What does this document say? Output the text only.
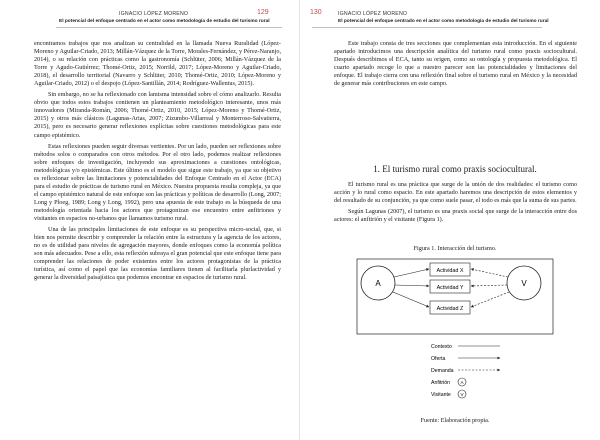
IGNACIO LÓPEZ MORENO	129
El potencial del enfoque centrado en el actor como metodología de estudio del turismo rural

encontramos trabajos que nos analizan su centralidad en la llamada Nueva Ruralidad (López-Moreno y Aguilar-Criado, 2013; Millán-Vázquez de la Torre, Morales-Fernández, y Pérez-Naranjo, 2014), o su relación con prácticas como la gastronomía (Schlüter, 2006; Millán-Vázquez de la Torre y Agudo-Gutiérrez; Thomé-Ortiz, 2015; Norrild, 2017; López-Moreno y Aguilar-Criado, 2018), el desarrollo territorial (Navarro y Schlüter, 2010; Thomé-Ortiz, 2010; López-Moreno y Aguilar-Criado, 2012) o el despojo (López-Santillán, 2014; Rodríguez-Wallenius, 2015).

Sin embargo, no se ha reflexionado con lamisma intensidad sobre el cómo analizarlo. Resulta obvio que todos estos trabajos contienen un planteamiento metodológico interesante, unos más innovadores (Miranda-Román, 2006; Thomé-Ortiz, 2010, 2015; López-Moreno y Thomé-Ortiz, 2015) y otros más clásicos (Lagunas-Arias, 2007; Zizumbo-Villarreal y Monterroso-Salvatierra, 2015), pero es necesario generar reflexiones explícitas sobre cuestiones metodológicas para este campo epistémico.

Estas reflexiones pueden seguir diversas vertientes. Por un lado, pueden ser reflexiones sobre métodos solos o comparados con otros métodos. Por el otro lado, podemos realizar reflexiones sobre enfoques de investigación, incluyendo sus aproximaciones a cuestiones ontológicas, metodológicas y/o epistémicas. Este último es el modelo que sigue este trabajo, ya que su objetivo es reflexionar sobre las limitaciones y potencialidades del Enfoque Centrado en el Actor (ECA) para el estudio de prácticas de turismo rural en México. Nuestra propuesta resulta compleja, ya que el campo epistémico natural de este enfoque son las prácticas y políticas de desarrollo (Long, 2007; Long y Ploeg, 1989; Long y Long, 1992), pero una apuesta de este trabajo es la búsqueda de una metodología orientada hacia los actores que protagonizan ese encuentro entre anfitriones y visitantes en espacios no-urbanos que llamamos turismo rural.

Una de las principales limitaciones de este enfoque es su perspectiva micro-social, que, si bien nos permite describir y comprender la relación entre la estructura y la agencia de los actores, no es de utilidad para niveles de agregación mayores, donde enfoques como la economía política son más adecuados. Pese a ello, esta reflexión subraya el gran potencial que este enfoque tiene para comprender las relaciones de poder existentes entre los actores protagonistas de la práctica turística, así como el papel que las economías familiares tienen al facilitarla plurlactividad y generar la diversidad paisajística que podemos encontrar en espacios de turismo rural.

130	IGNACIO LÓPEZ MORENO
El potencial del enfoque centrado en el actor como metodología de estudio del turismo rural

Este trabajo consta de tres secciones que complementan esta introducción. En el siguiente apartado introducimos una descripción analítica del turismo rural como praxis sociocultural. Después describimos el ECA, tanto su origen, como su ontología y propuesta metodológica. El cuarto apartado recoge lo que a nuestro parecer son las potencialidades y limitaciones del enfoque. El trabajo cierra con una reflexión final sobre el turismo rural en México y la necesidad de generar más contribuciones en este campo.

1. El turismo rural como praxis sociocultural.

El turismo rural es una práctica que surge de la unión de dos realidades: el turismo como acción y lo rural como espacio. En este apartado haremos una descripción de estos elementos y del resultado de su conjunción, ya que como suele pasar, el todo es más que la suma de sus partes.

Según Lagunas (2007), el turismo es una praxis social que surge de la interacción entre dos actores: el anfitrión y el visitante (Figura 1).

Figura 1. Interacción del turismo.
A	V
Actividad X
Actividad Y
Actividad Z
Contexto
Oferta
Demanda
Anfitrión A
Visitante V
Fuente: Elaboración propia.
